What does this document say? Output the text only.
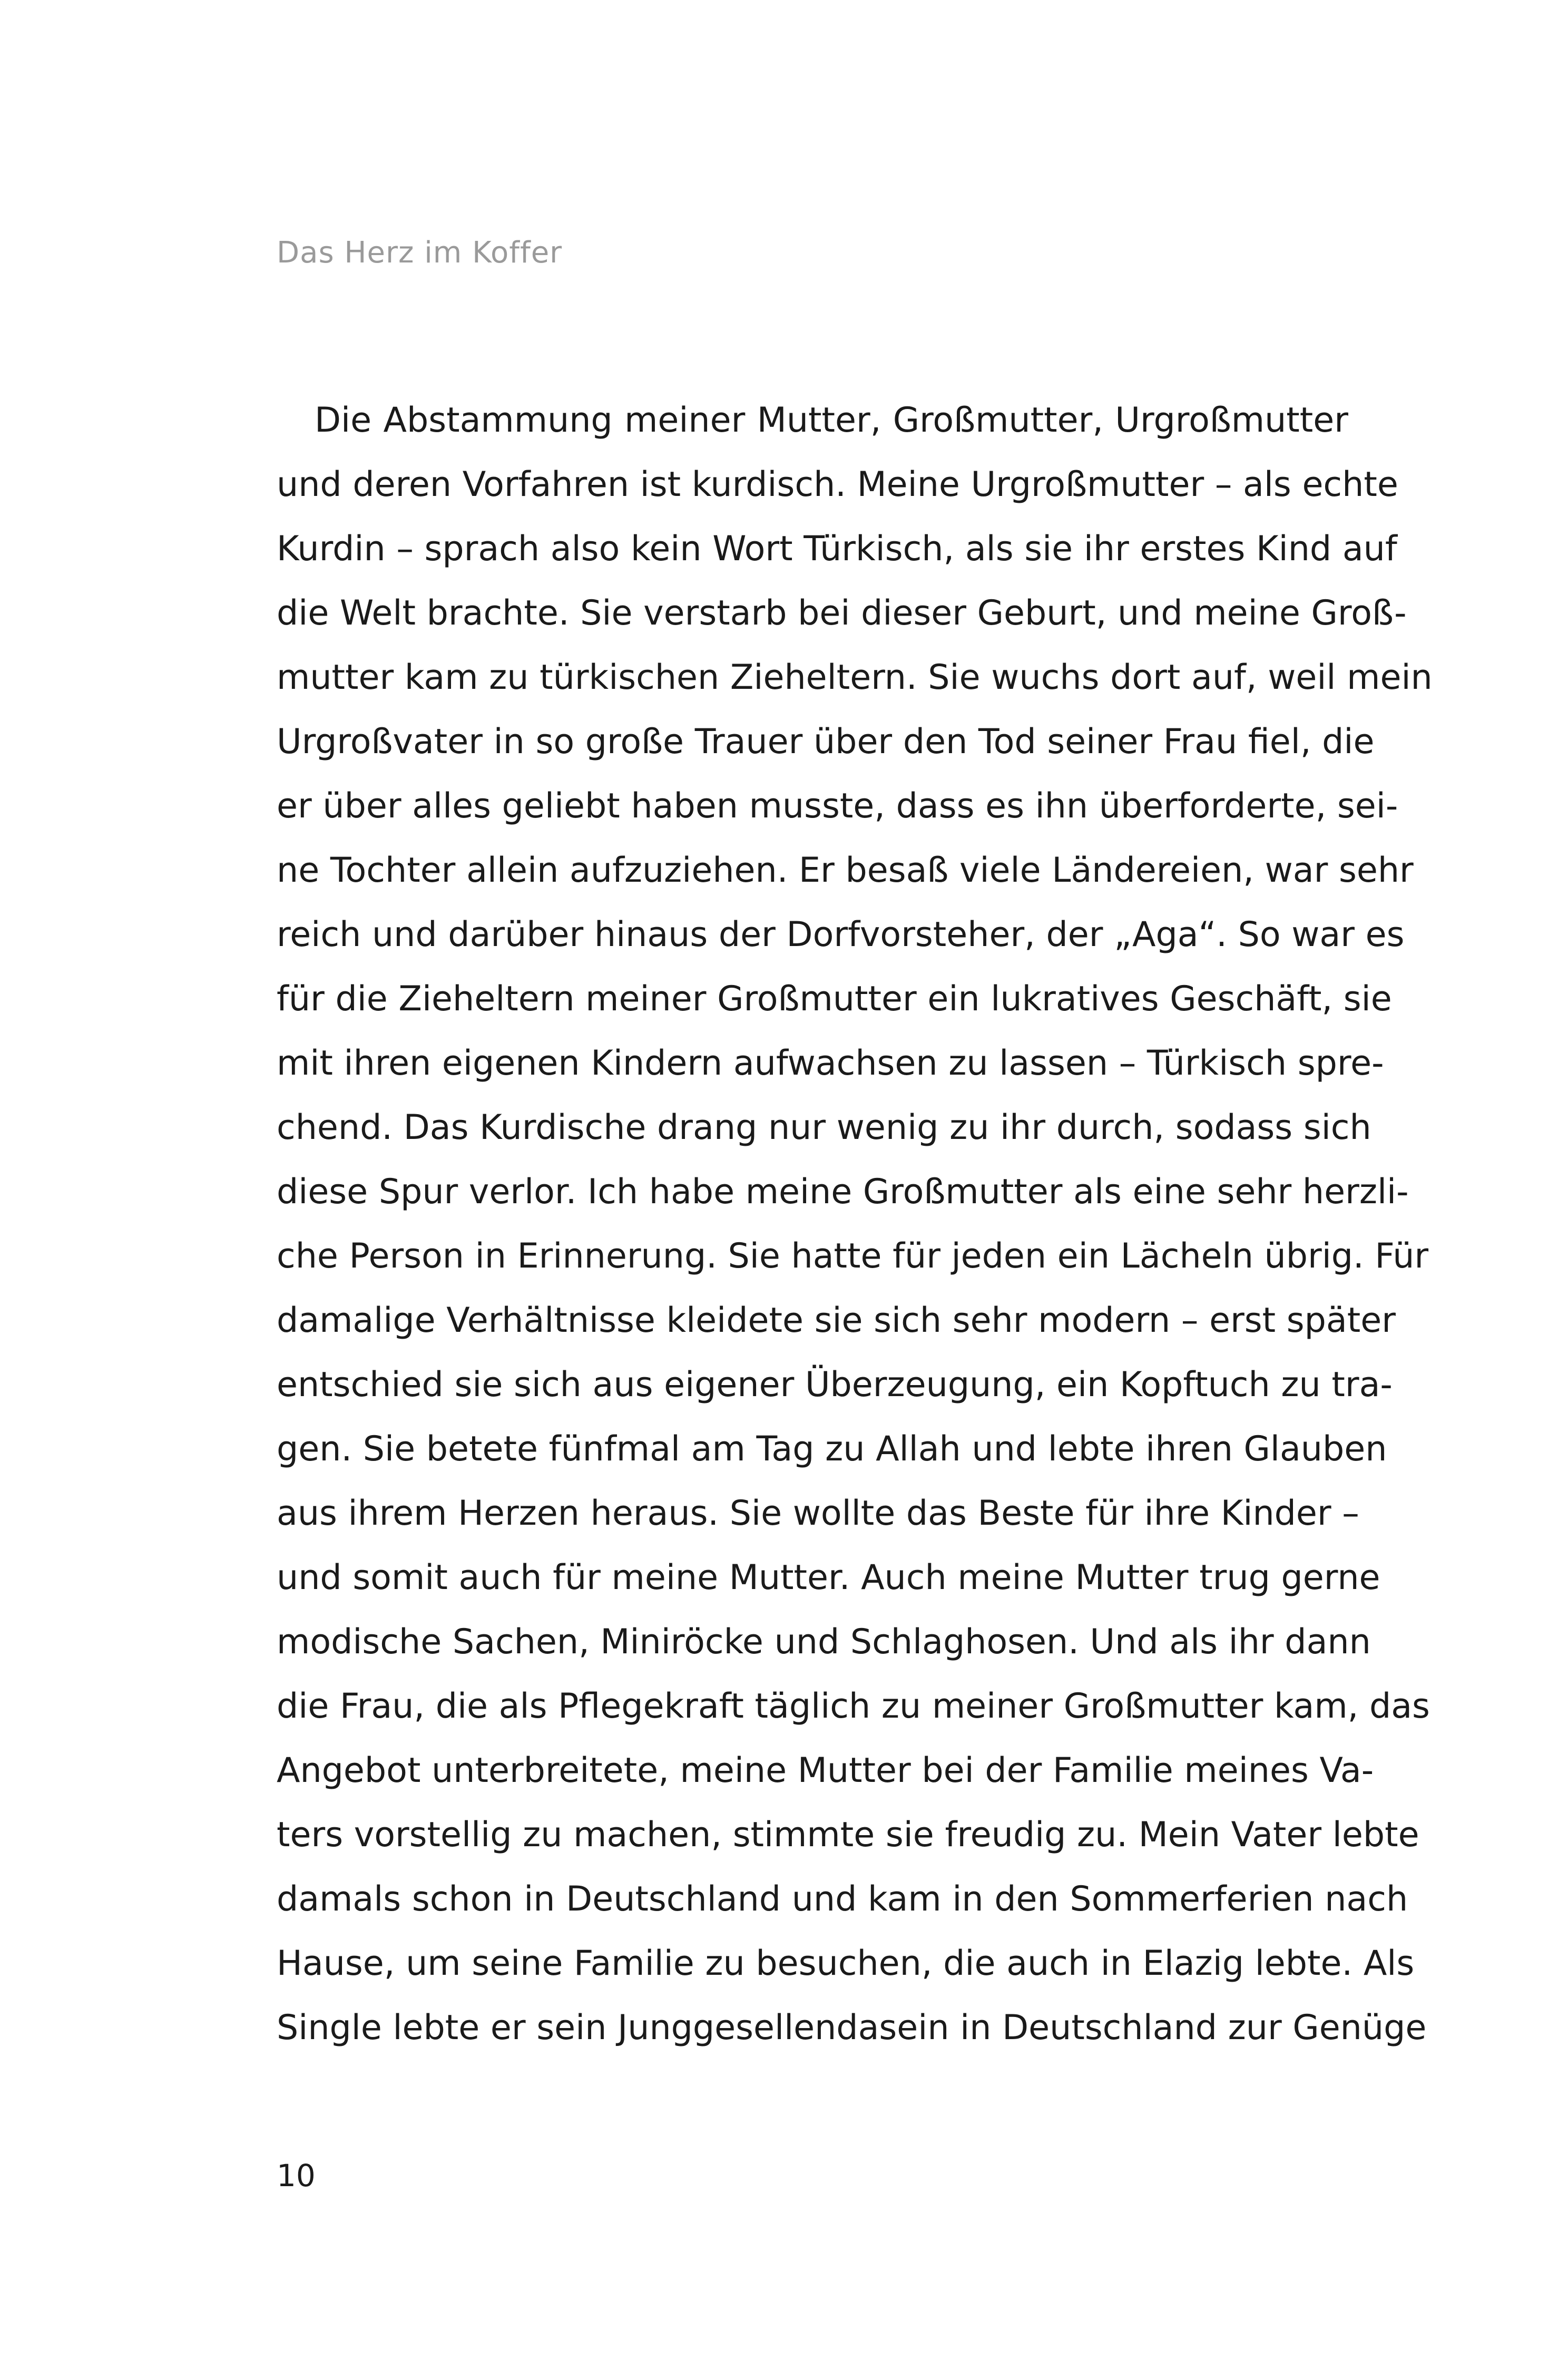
Das Herz im Koffer
Die Abstammung meiner Mutter, Großmutter, Urgroßmutter
und deren Vorfahren ist kurdisch. Meine Urgroßmutter – als echte
Kurdin – sprach also kein Wort Türkisch, als sie ihr erstes Kind auf
die Welt brachte. Sie verstarb bei dieser Geburt, und meine Groß-
mutter kam zu türkischen Zieheltern. Sie wuchs dort auf, weil mein
Urgroßvater in so große Trauer über den Tod seiner Frau fiel, die
er über alles geliebt haben musste, dass es ihn überforderte, sei-
ne Tochter allein aufzuziehen. Er besaß viele Ländereien, war sehr
reich und darüber hinaus der Dorfvorsteher, der „Aga“. So war es
für die Zieheltern meiner Großmutter ein lukratives Geschäft, sie
mit ihren eigenen Kindern aufwachsen zu lassen – Türkisch spre-
chend. Das Kurdische drang nur wenig zu ihr durch, sodass sich
diese Spur verlor. Ich habe meine Großmutter als eine sehr herzli-
che Person in Erinnerung. Sie hatte für jeden ein Lächeln übrig. Für
damalige Verhältnisse kleidete sie sich sehr modern – erst später
entschied sie sich aus eigener Überzeugung, ein Kopftuch zu tra-
gen. Sie betete fünfmal am Tag zu Allah und lebte ihren Glauben
aus ihrem Herzen heraus. Sie wollte das Beste für ihre Kinder –
und somit auch für meine Mutter. Auch meine Mutter trug gerne
modische Sachen, Miniröcke und Schlaghosen. Und als ihr dann
die Frau, die als Pflegekraft täglich zu meiner Großmutter kam, das
Angebot unterbreitete, meine Mutter bei der Familie meines Va-
ters vorstellig zu machen, stimmte sie freudig zu. Mein Vater lebte
damals schon in Deutschland und kam in den Sommerferien nach
Hause, um seine Familie zu besuchen, die auch in Elazig lebte. Als
Single lebte er sein Junggesellendasein in Deutschland zur Genüge
10
